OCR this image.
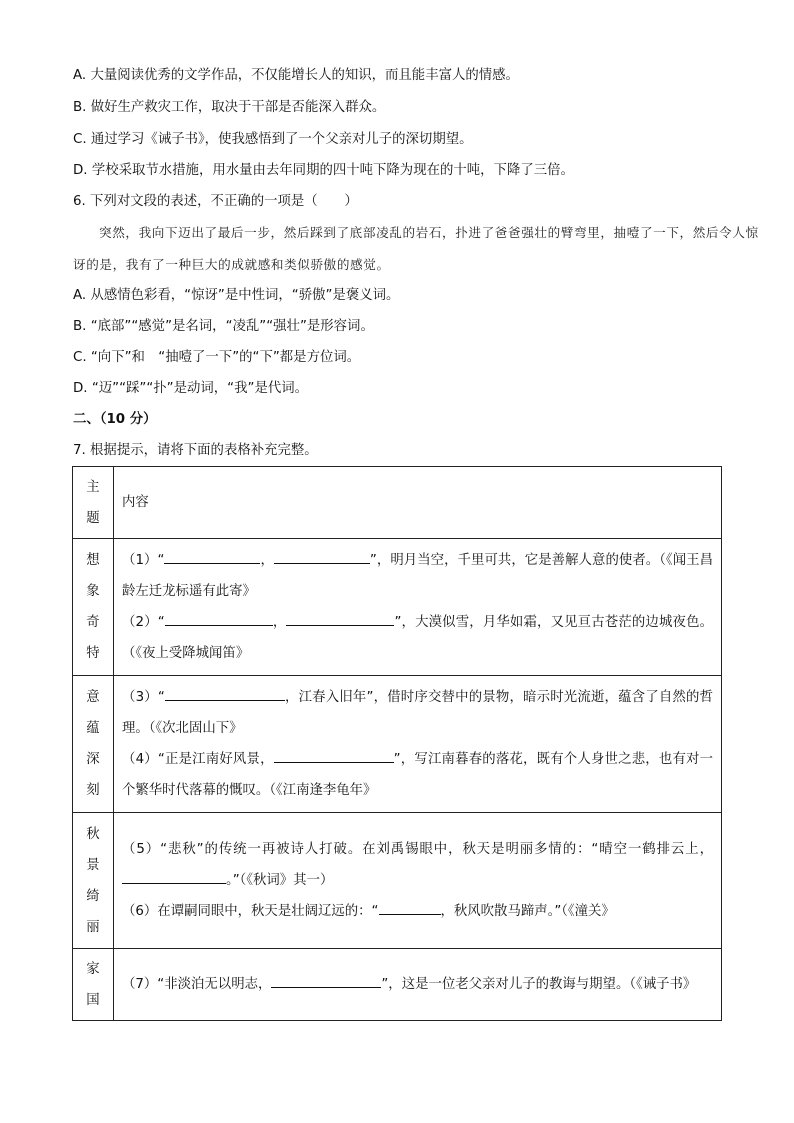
A. 大量阅读优秀的文学作品，不仅能增长人的知识，而且能丰富人的情感。
B. 做好生产救灾工作，取决于干部是否能深入群众。
C. 通过学习《诫子书》，使我感悟到了一个父亲对儿子的深切期望。
D. 学校采取节水措施，用水量由去年同期的四十吨下降为现在的十吨，下降了三倍。
6. 下列对文段的表述，不正确的一项是（　　）
突然，我向下迈出了最后一步，然后踩到了底部凌乱的岩石，扑进了爸爸强壮的臂弯里，抽噎了一下，然后令人惊讶的是，我有了一种巨大的成就感和类似骄傲的感觉。
A. 从感情色彩看，“惊讶”是中性词，“骄傲”是褒义词。
B. “底部”“感觉”是名词，“凌乱”“强壮”是形容词。
C. “向下”和　“抽噎了一下”的“下”都是方位词。
D. “迈”“踩”“扑”是动词，“我”是代词。
二、（10 分）
7. 根据提示，请将下面的表格补充完整。
主
题	内容

想
象
奇
特	（1）“ ， ”，明月当空，千里可共，它是善解人意的使者。（《闻王昌龄左迁龙标遥有此寄》
（2）“ ， ”，大漠似雪，月华如霜，又见亘古苍茫的边城夜色。（《夜上受降城闻笛》

意
蕴
深
刻	（3）“ ，江春入旧年”，借时序交替中的景物，暗示时光流逝，蕴含了自然的哲理。（《次北固山下》
（4）“正是江南好风景， ”，写江南暮春的落花，既有个人身世之悲，也有对一个繁华时代落幕的慨叹。（《江南逢李龟年》

秋
景
绮
丽	（5）“悲秋”的传统一再被诗人打破。在刘禹锡眼中，秋天是明丽多情的：“晴空一鹤排云上，。”（《秋词》其一）
（6）在谭嗣同眼中，秋天是壮阔辽远的：“ ，秋风吹散马蹄声。”（《潼关》

家
国	（7）“非淡泊无以明志， ”，这是一位老父亲对儿子的教诲与期望。（《诫子书》
